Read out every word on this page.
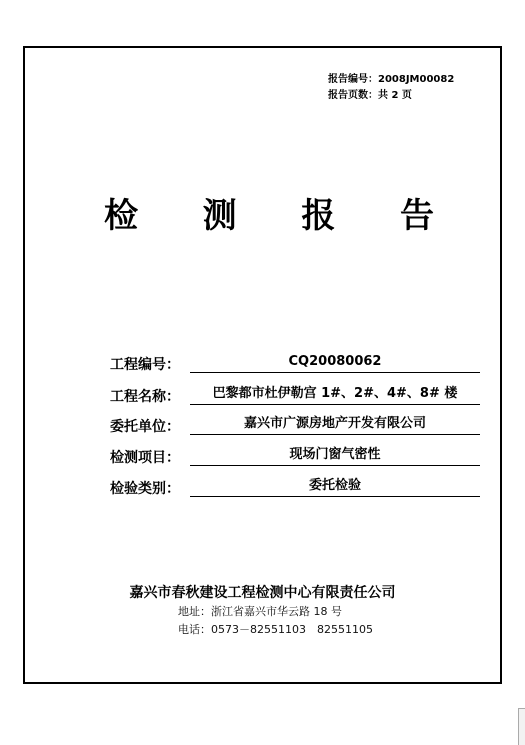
报告编号：2008JM00082
报告页数：共 2 页
检 测 报 告
工程编号：	CQ20080062
工程名称：	巴黎都市杜伊勒宫 1#、2#、4#、8# 楼
委托单位：	嘉兴市广源房地产开发有限公司
检测项目：	现场门窗气密性
检验类别：	委托检验
嘉兴市春秋建设工程检测中心有限责任公司
地址：浙江省嘉兴市华云路 18 号
电话：0573－82551103　82551105
